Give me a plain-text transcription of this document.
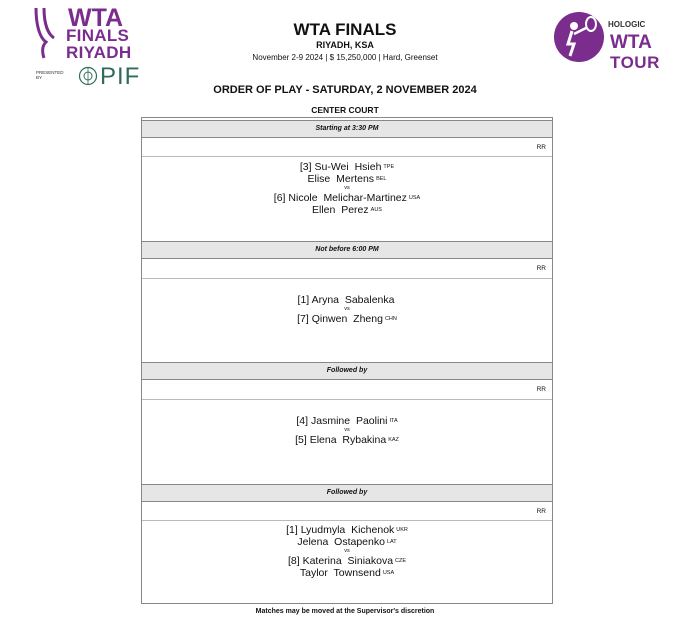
WTA
FINALS
RIYADH
PRESENTED BY	PIF
HOLOGIC
WTA
TOUR
WTA FINALS
RIYADH, KSA
November 2-9 2024 | $ 15,250,000 | Hard, Greenset
ORDER OF PLAY - SATURDAY, 2 NOVEMBER 2024
CENTER COURT
Starting at 3:30 PM
RR
[3] Su-Wei Hsieh TPE
Elise Mertens BEL
vs
[6] Nicole Melichar-Martinez USA
Ellen Perez AUS
Not before 6:00 PM
RR
[1] Aryna Sabalenka
vs
[7] Qinwen Zheng CHN
Followed by
RR
[4] Jasmine Paolini ITA
vs
[5] Elena Rybakina KAZ
Followed by
RR
[1] Lyudmyla Kichenok UKR
Jelena Ostapenko LAT
vs
[8] Katerina Siniakova CZE
Taylor Townsend USA
Matches may be moved at the Supervisor's discretion
